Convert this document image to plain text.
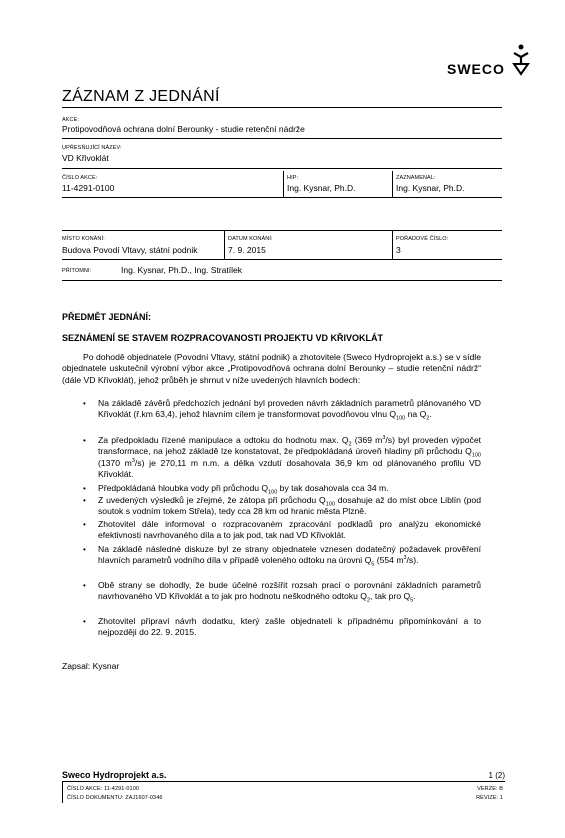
SWECO
ZÁZNAM Z JEDNÁNÍ
AKCE:
Protipovodňová ochrana dolní Berounky - studie retenční nádrže
UPŘESŇUJÍCÍ NÁZEV:
VD Křivoklát
ČÍSLO AKCE:
11-4291-0100
HIP:
Ing. Kysnar, Ph.D.
ZAZNAMENAL:
Ing. Kysnar, Ph.D.
MÍSTO KONÁNÍ:
Budova Povodí Vltavy, státní podnik
DATUM KONÁNÍ:
7. 9. 2015
POŘADOVÉ ČÍSLO:
3
PŘÍTOMNI:	Ing. Kysnar, Ph.D., Ing. Stratílek
PŘEDMĚT JEDNÁNÍ:
SEZNÁMENÍ SE STAVEM ROZPRACOVANOSTI PROJEKTU VD KŘIVOKLÁT
Po dohodě objednatele (Povodní Vltavy, státní podnik) a zhotovitele (Sweco Hydroprojekt a.s.) se v sídle objednatele uskutečnil výrobní výbor akce „Protipovodňová ochrana dolní Berounky – studie retenční nádrž“ (dále VD Křivoklát), jehož průběh je shrnut v níže uvedených hlavních bodech:
•	Na základě závěrů předchozích jednání byl proveden návrh základních parametrů plánovaného VD Křivoklát (ř.km 63,4), jehož hlavním cílem je transformovat povodňovou vlnu $Q_{100}$ na $Q_2$.
•	Za předpokladu řízené manipulace a odtoku do hodnotu max. $Q_2$ (369 $m^3/s$) byl proveden výpočet transformace, na jehož základě lze konstatovat, že předpokládaná úroveň hladiny při průchodu $Q_{100}$ (1370 $m^3/s$) je 270,11 m n.m. a délka vzdutí dosahovala 36,9 km od plánovaného profilu VD Křivoklát.
•	Předpokládaná hloubka vody při průchodu $Q_{100}$ by tak dosahovala cca 34 m.
•	Z uvedených výsledků je zřejmé, že zátopa při průchodu $Q_{100}$ dosahuje až do míst obce Liblín (pod soutok s vodním tokem Střela), tedy cca 28 km od hranic města Plzně.
•	Zhotovitel dále informoval o rozpracovaném zpracování podkladů pro analýzu ekonomické efektivnosti navrhovaného díla a to jak pod, tak nad VD Křivoklát.
•	Na základě následné diskuze byl ze strany objednatele vznesen dodatečný požadavek prověření hlavních parametrů vodního díla v případě voleného odtoku na úrovni $Q_5$ (554 $m^3/s$).
•	Obě strany se dohodly, že bude účelné rozšířit rozsah prací o porovnání základních parametrů navrhovaného VD Křivoklát a to jak pro hodnotu neškodného odtoku $Q_2$, tak pro $Q_5$.
•	Zhotovitel připraví návrh dodatku, který zašle objednateli k případnému připomínkování a to nejpozději do 22. 9. 2015.
Zapsal: Kysnar
Sweco Hydroprojekt a.s.	1 (2)
ČÍSLO AKCE: 11-4291-0100
ČÍSLO DOKUMENTU: ZAJ1607-0346
VERZE: B
REVIZE: 1
